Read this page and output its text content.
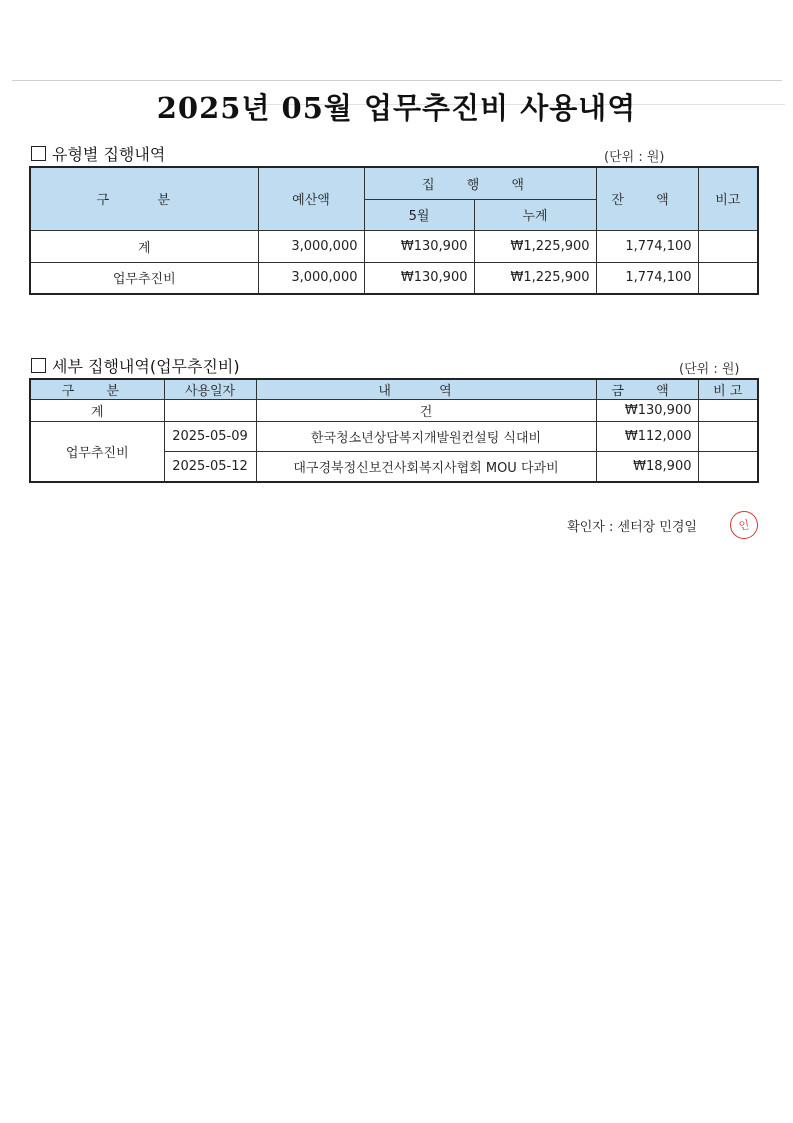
2025년 05월 업무추진비 사용내역
유형별 집행내역	(단위 : 원)
구 분	예산액	집 행 액		잔 액	비고
		5월	누계		
계	3,000,000	₩130,900	₩1,225,900	1,774,100	
업무추진비	3,000,000	₩130,900	₩1,225,900	1,774,100	
세부 집행내역(업무추진비)	(단위 : 원)
구 분	사용일자	내 역	금 액	비 고
계		건	₩130,900	
업무추진비	2025-05-09	한국청소년상담복지개발원컨설팅 식대비	₩112,000	
	2025-05-12	대구경북정신보건사회복지사협회 MOU 다과비	₩18,900	
확인자 : 센터장 민경일	인
